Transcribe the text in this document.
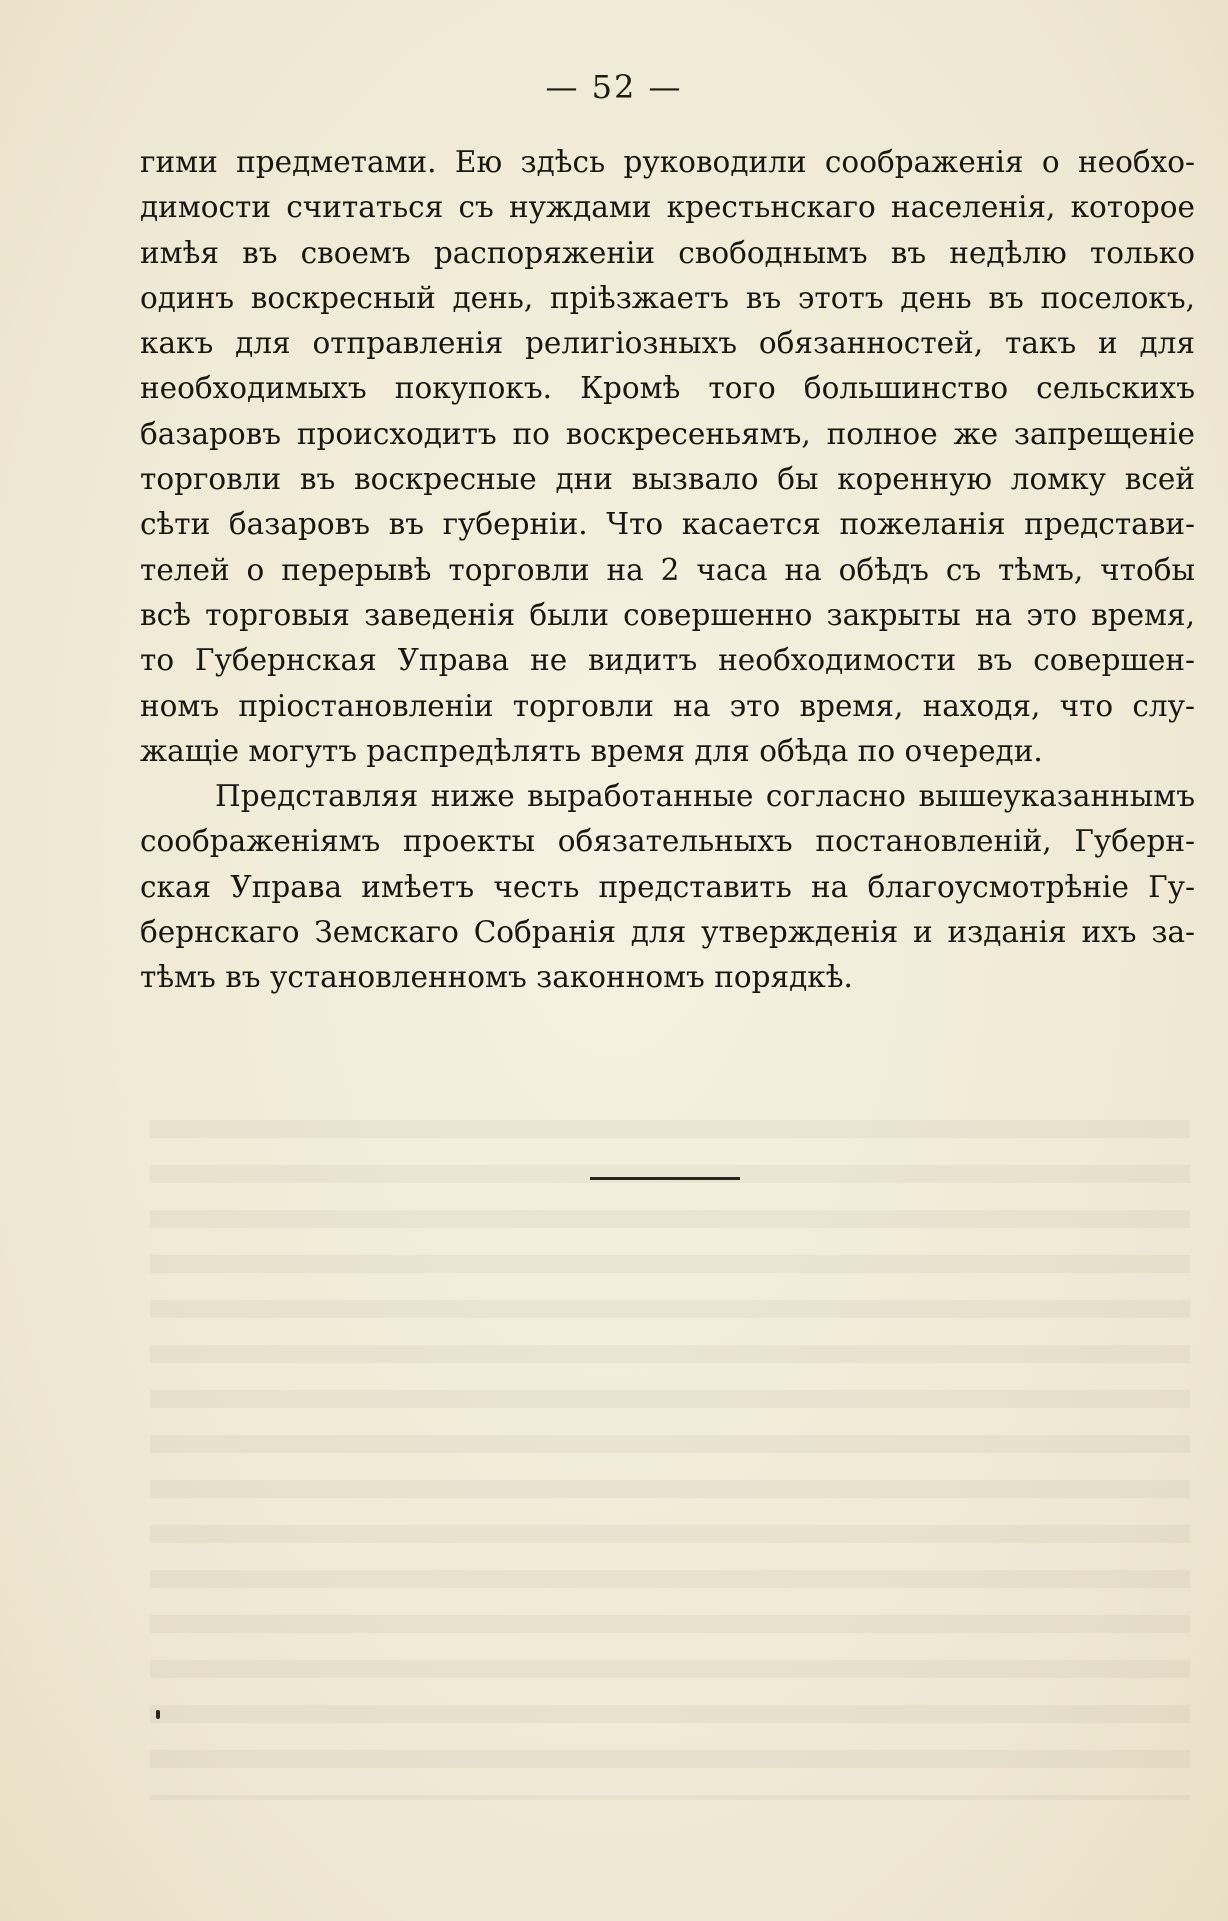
— 52 —
гими предметами. Ею здѣсь руководили соображенія о необхо-
димости считаться съ нуждами крестьнскаго населенія, которое
имѣя въ своемъ распоряженіи свободнымъ въ недѣлю только
одинъ воскресный день, пріѣзжаетъ въ этотъ день въ поселокъ,
какъ для отправленія религіозныхъ обязанностей, такъ и для
необходимыхъ покупокъ. Кромѣ того большинство сельскихъ
базаровъ происходитъ по воскресеньямъ, полное же запрещеніе
торговли въ воскресные дни вызвало бы коренную ломку всей
сѣти базаровъ въ губерніи. Что касается пожеланія представи-
телей о перерывѣ торговли на 2 часа на обѣдъ съ тѣмъ, чтобы
всѣ торговыя заведенія были совершенно закрыты на это время,
то Губернская Управа не видитъ необходимости въ совершен-
номъ пріостановленіи торговли на это время, находя, что слу-
жащіе могутъ распредѣлять время для обѣда по очереди.
Представляя ниже выработанные согласно вышеуказаннымъ
соображеніямъ проекты обязательныхъ постановленій, Губерн-
ская Управа имѣетъ честь представить на благоусмотрѣніе Гу-
бернскаго Земскаго Собранія для утвержденія и изданія ихъ за-
тѣмъ въ установленномъ законномъ порядкѣ.
